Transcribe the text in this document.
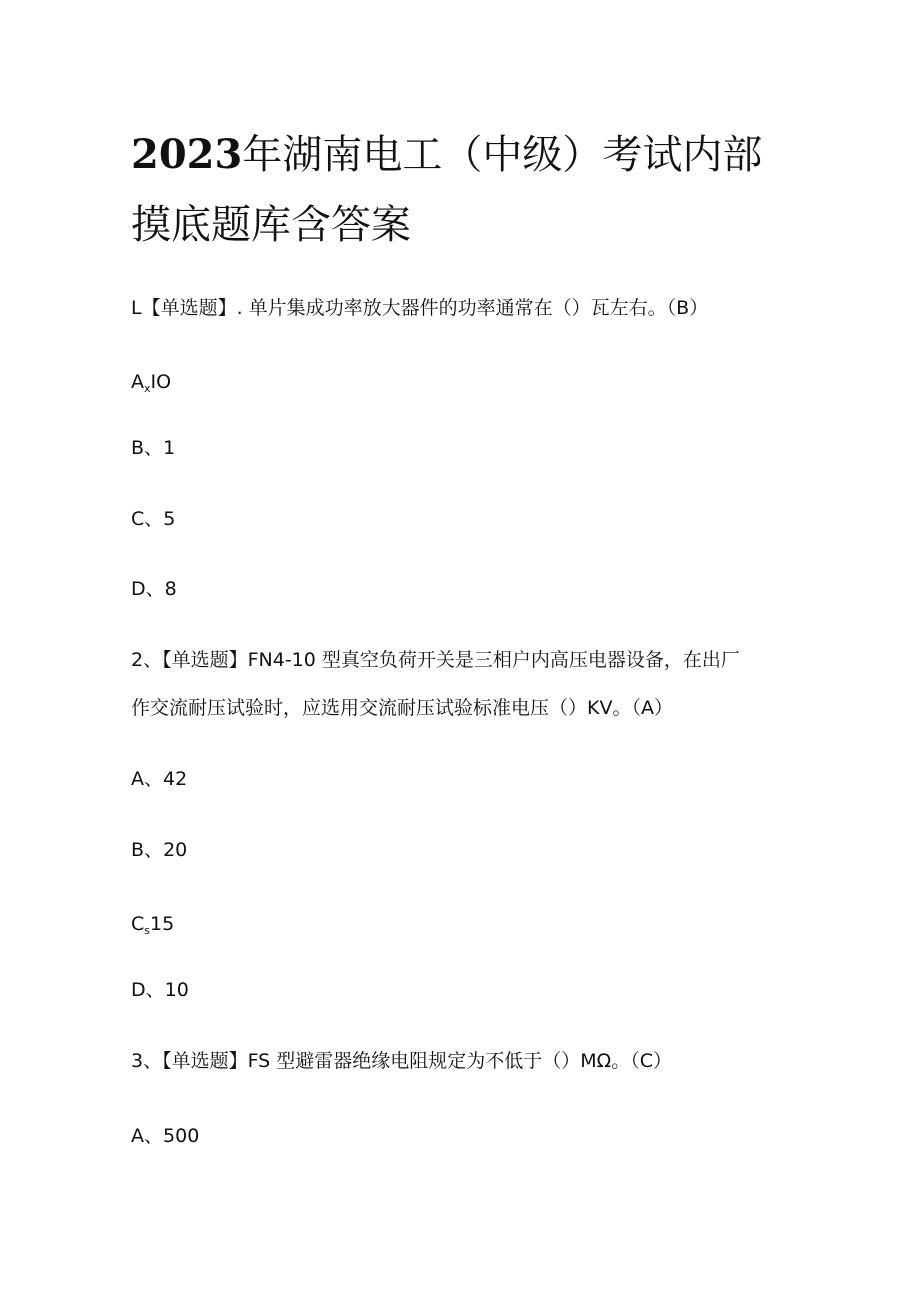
2023年湖南电工（中级）考试内部
摸底题库含答案

L【单选题】. 单片集成功率放大器件的功率通常在（）瓦左右。（B）

$A_xIO$

B、1

C、5

D、8

2、【单选题】FN4-10 型真空负荷开关是三相户内高压电器设备，在出厂

作交流耐压试验时，应选用交流耐压试验标准电压（）KV。（A）

A、42

B、20

$C_s15$

D、10

3、【单选题】FS 型避雷器绝缘电阻规定为不低于（）MΩ。（C）

A、500
